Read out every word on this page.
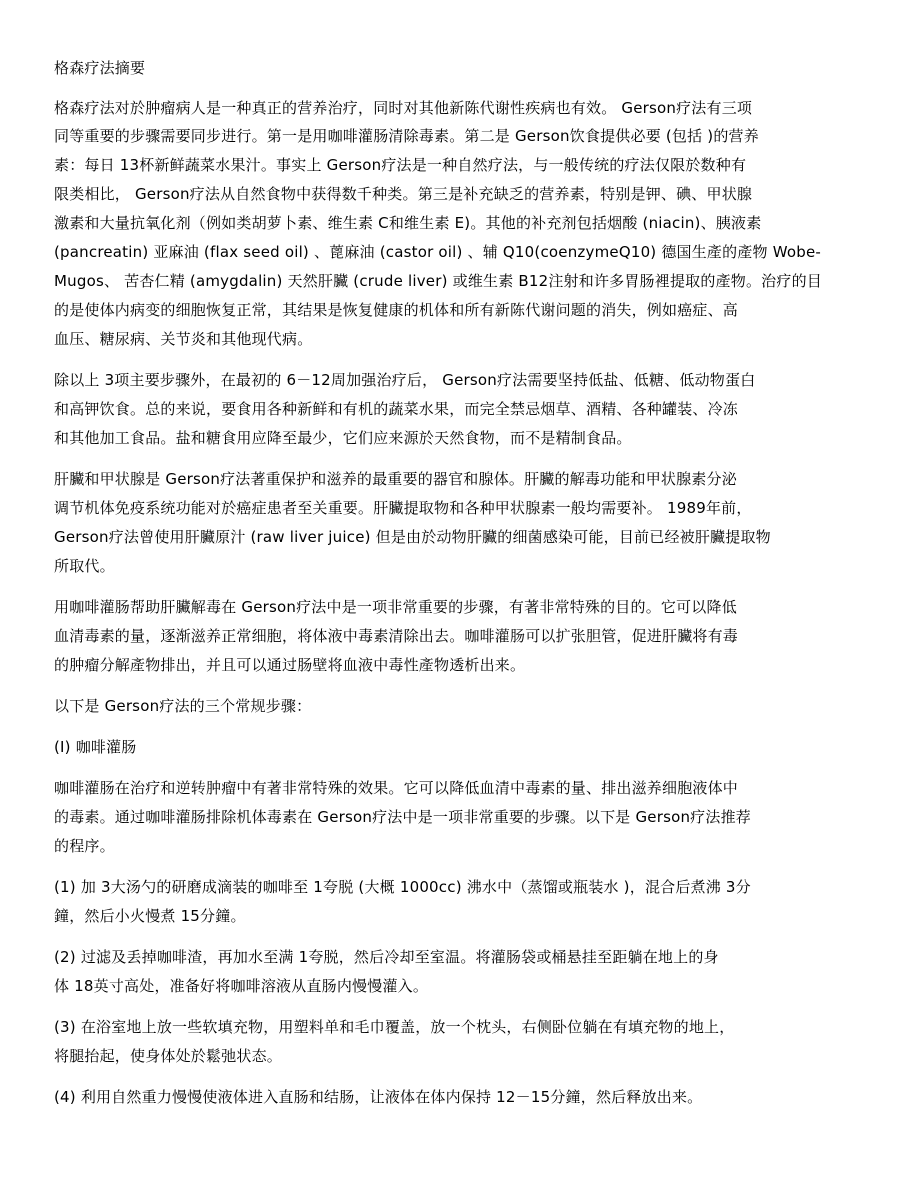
格森疗法摘要
格森疗法对於肿瘤病人是一种真正的营养治疗，同时对其他新陈代谢性疾病也有效。 Gerson疗法有三项
同等重要的步骤需要同步进行。第一是用咖啡灌肠清除毒素。第二是 Gerson饮食提供必要 (包括 )的营养
素：每日 13杯新鲜蔬菜水果汁。事实上 Gerson疗法是一种自然疗法，与一般传统的疗法仅限於数种有
限类相比， Gerson疗法从自然食物中获得数千种类。第三是补充缺乏的营养素，特别是钾、碘、甲状腺
激素和大量抗氧化剂（例如类胡萝卜素、维生素 C和维生素 E)。其他的补充剂包括烟酸 (niacin)、胰液素
(pancreatin) 亚麻油 (flax seed oil) 、蓖麻油 (castor oil) 、辅 Q10(coenzymeQ10) 德国生產的產物 Wobe-
Mugos、 苦杏仁精 (amygdalin) 天然肝臟 (crude liver) 或维生素 B12注射和许多胃肠裡提取的產物。治疗的目
的是使体内病变的细胞恢复正常，其结果是恢复健康的机体和所有新陈代谢问题的消失，例如癌症、高
血压、糖尿病、关节炎和其他现代病。
除以上 3项主要步骤外，在最初的 6－12周加强治疗后， Gerson疗法需要坚持低盐、低糖、低动物蛋白
和高钾饮食。总的来说，要食用各种新鲜和有机的蔬菜水果，而完全禁忌烟草、酒精、各种罐装、冷冻
和其他加工食品。盐和糖食用应降至最少，它们应来源於天然食物，而不是精制食品。
肝臟和甲状腺是 Gerson疗法著重保护和滋养的最重要的器官和腺体。肝臟的解毒功能和甲状腺素分泌
调节机体免疫系统功能对於癌症患者至关重要。肝臟提取物和各种甲状腺素一般均需要补。 1989年前，
Gerson疗法曾使用肝臟原汁 (raw liver juice) 但是由於动物肝臟的细菌感染可能，目前已经被肝臟提取物
所取代。
用咖啡灌肠帮助肝臟解毒在 Gerson疗法中是一项非常重要的步骤，有著非常特殊的目的。它可以降低
血清毒素的量，逐渐滋养正常细胞，将体液中毒素清除出去。咖啡灌肠可以扩张胆管，促进肝臟将有毒
的肿瘤分解產物排出，并且可以通过肠壁将血液中毒性產物透析出来。
以下是 Gerson疗法的三个常规步骤：
(I) 咖啡灌肠
咖啡灌肠在治疗和逆转肿瘤中有著非常特殊的效果。它可以降低血清中毒素的量、排出滋养细胞液体中
的毒素。通过咖啡灌肠排除机体毒素在 Gerson疗法中是一项非常重要的步骤。以下是 Gerson疗法推荐
的程序。
(1) 加 3大汤勺的研磨成滴装的咖啡至 1夸脱 (大概 1000cc) 沸水中（蒸馏或瓶装水 )，混合后煮沸 3分
鐘，然后小火慢煮 15分鐘。
(2) 过滤及丢掉咖啡渣，再加水至满 1夸脱，然后冷却至室温。将灌肠袋或桶悬挂至距躺在地上的身
体 18英寸高处，准备好将咖啡溶液从直肠内慢慢灌入。
(3) 在浴室地上放一些软填充物，用塑料单和毛巾覆盖，放一个枕头，右侧卧位躺在有填充物的地上，
将腿抬起，使身体处於鬆弛状态。
(4) 利用自然重力慢慢使液体进入直肠和结肠，让液体在体内保持 12－15分鐘，然后释放出来。
